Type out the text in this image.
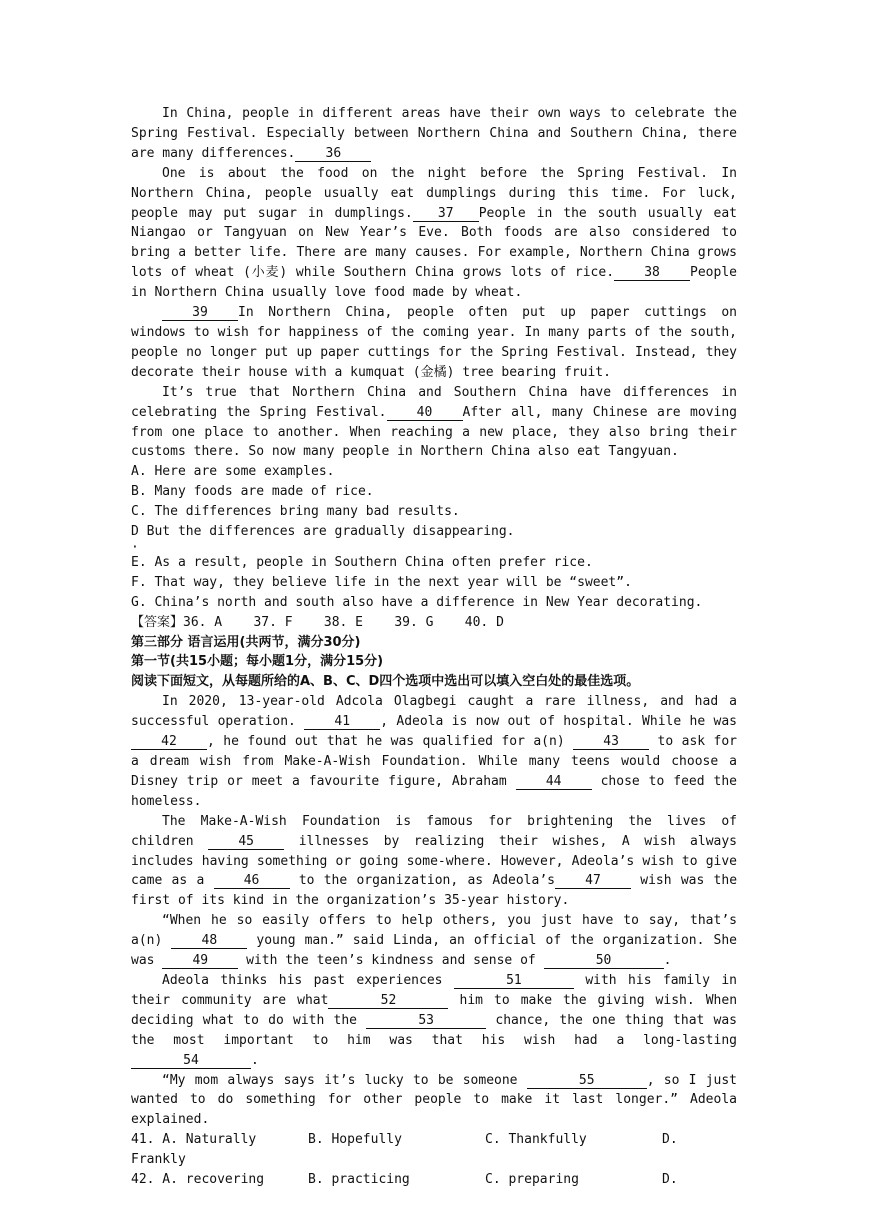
In China, people in different areas have their own ways to celebrate the Spring Festival. Especially between Northern China and Southern China, there are many differences. 36

One is about the food on the night before the Spring Festival. In Northern China, people usually eat dumplings during this time. For luck, people may put sugar in dumplings. 37 People in the south usually eat Niangao or Tangyuan on New Year’s Eve. Both foods are also considered to bring a better life. There are many causes. For example, Northern China grows lots of wheat (小麦) while Southern China grows lots of rice. 38 People in Northern China usually love food made by wheat.

39 In Northern China, people often put up paper cuttings on windows to wish for happiness of the coming year. In many parts of the south, people no longer put up paper cuttings for the Spring Festival. Instead, they decorate their house with a kumquat (金橘) tree bearing fruit.

It’s true that Northern China and Southern China have differences in celebrating the Spring Festival. 40 After all, many Chinese are moving from one place to another. When reaching a new place, they also bring their customs there. So now many people in Northern China also eat Tangyuan.

A. Here are some examples.

B. Many foods are made of rice.

C. The differences bring many bad results.

D But the differences are gradually disappearing.

·

E. As a result, people in Southern China often prefer rice.

F. That way, they believe life in the next year will be “sweet”.

G. China’s north and south also have a difference in New Year decorating.

【答案】36. A    37. F    38. E    39. G    40. D

第三部分 语言运用(共两节，满分30分)

第一节(共15小题；每小题1分，满分15分)

阅读下面短文，从每题所给的A、B、C、D四个选项中选出可以填入空白处的最佳选项。

In 2020, 13-year-old Adcola Olagbegi caught a rare illness, and had a successful operation.	41 , Adeola is now out of hospital. While he was 42 , he found out that he was qualified for a(n)	43	to ask for a dream wish from Make-A-Wish Foundation. While many teens would choose a Disney trip or meet a favourite figure, Abraham	44	chose to feed the homeless.

The Make-A-Wish Foundation is famous for brightening the lives of children	45	illnesses by realizing their wishes, A wish always includes having something or going some-where. However, Adeola’s wish to give came as a	46	to the organization, as Adeola’s 47	wish was the first of its kind in the organization’s 35-year history.

“When he so easily offers to help others, you just have to say, that’s a(n)	48	young man.” said Linda, an official of the organization. She was	49	with the teen’s kindness and sense of	50	.

Adeola thinks his past experiences	51	with his family in their community are what	52	him to make the giving wish. When deciding what to do with the	53	chance, the one thing that was the most important to him was that his wish had a long-lasting 54	.

“My mom always says it’s lucky to be someone	55	, so I just wanted to do something for other people to make it last longer.” Adeola explained.

41. A. Naturally	B. Hopefully	C. Thankfully	D.

Frankly

42. A. recovering	B. practicing	C. preparing	D.
